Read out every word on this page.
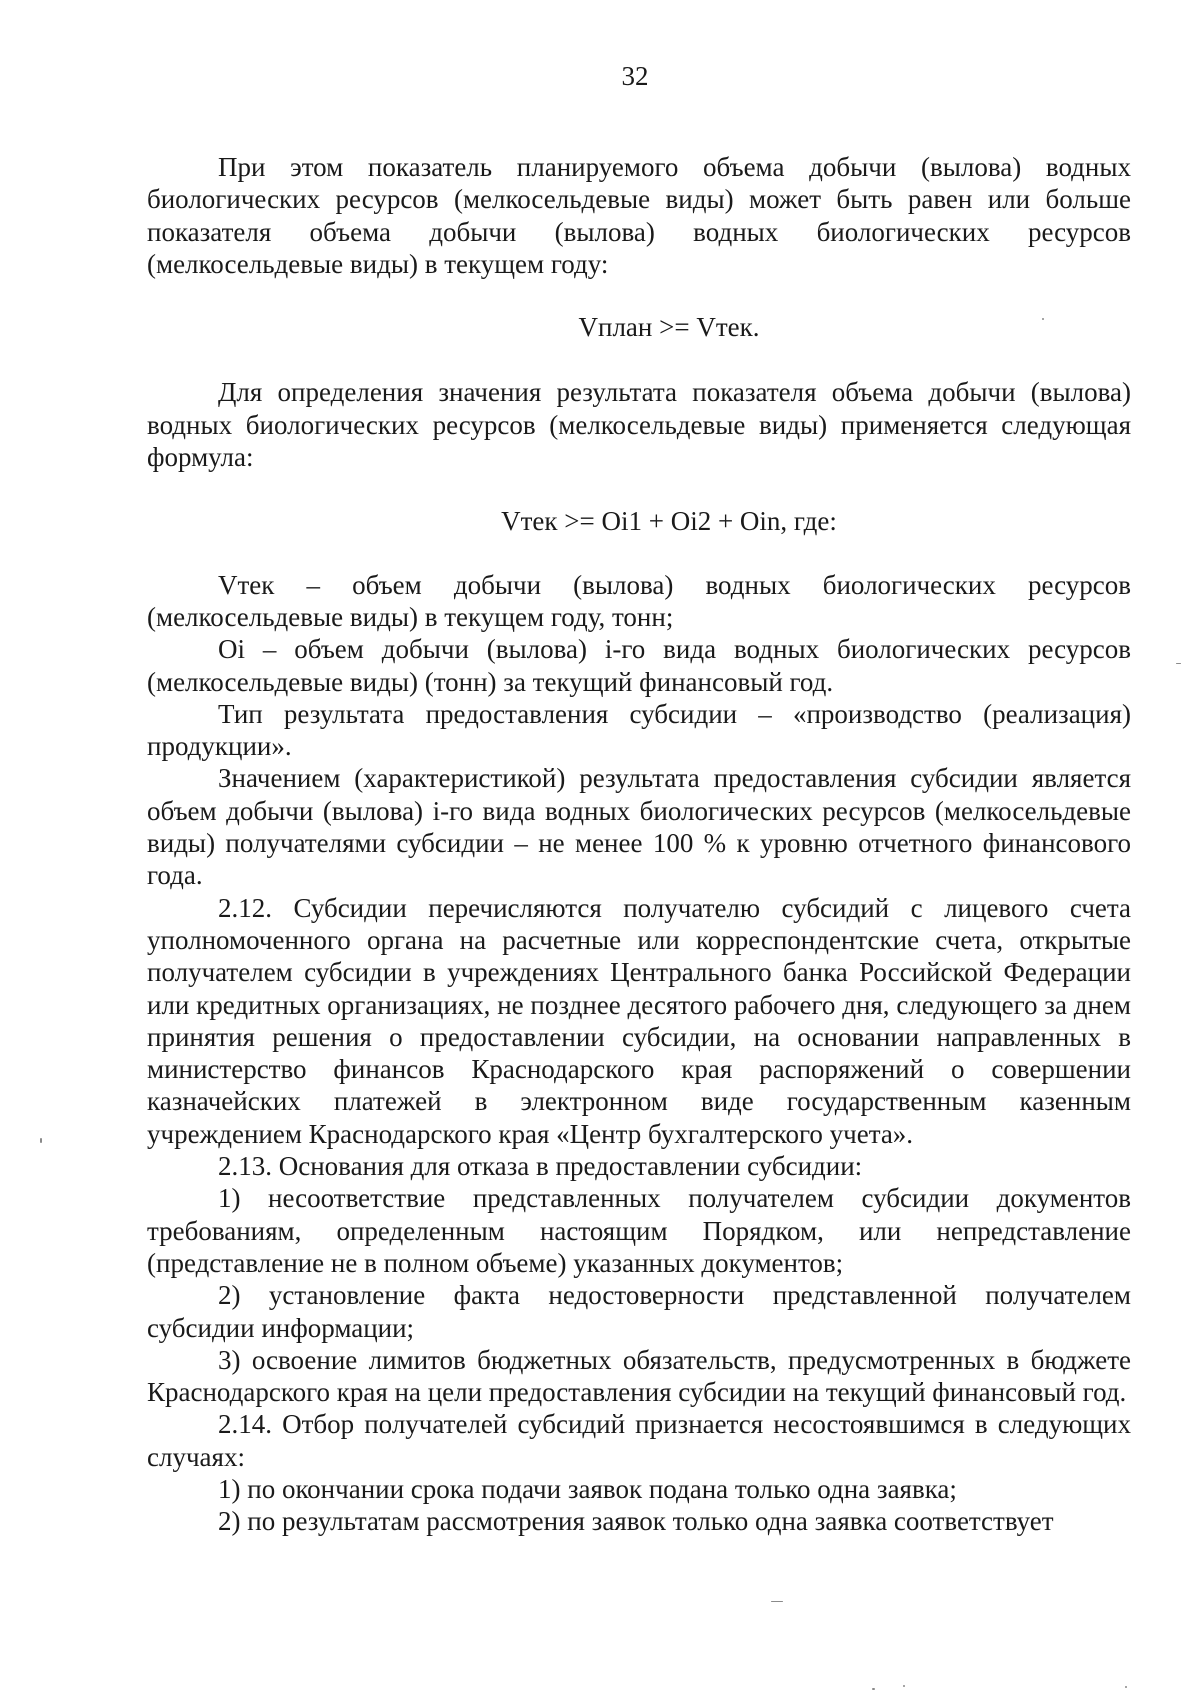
32

При этом показатель планируемого объема добычи (вылова) водных биологических ресурсов (мелкосельдевые виды) может быть равен или больше показателя объема добычи (вылова) водных биологических ресурсов (мелкосельдевые виды) в текущем году:

Vплан >= Vтек.

Для определения значения результата показателя объема добычи (вылова) водных биологических ресурсов (мелкосельдевые виды) применяется следующая формула:

Vтек >= Oi1 + Oi2 + Oin, где:

Vтек – объем добычи (вылова) водных биологических ресурсов (мелкосельдевые виды) в текущем году, тонн;

Oi – объем добычи (вылова) i-го вида водных биологических ресурсов (мелкосельдевые виды) (тонн) за текущий финансовый год.

Тип результата предоставления субсидии – «производство (реализация) продукции».

Значением (характеристикой) результата предоставления субсидии является объем добычи (вылова) i-го вида водных биологических ресурсов (мелкосельдевые виды) получателями субсидии – не менее 100 % к уровню отчетного финансового года.

2.12. Субсидии перечисляются получателю субсидий с лицевого счета уполномоченного органа на расчетные или корреспондентские счета, открытые получателем субсидии в учреждениях Центрального банка Российской Федерации или кредитных организациях, не позднее десятого рабочего дня, следующего за днем принятия решения о предоставлении субсидии, на основании направленных в министерство финансов Краснодарского края распоряжений о совершении казначейских платежей в электронном виде государственным казенным учреждением Краснодарского края «Центр бухгалтерского учета».

2.13. Основания для отказа в предоставлении субсидии:

1) несоответствие представленных получателем субсидии документов требованиям, определенным настоящим Порядком, или непредставление (представление не в полном объеме) указанных документов;

2) установление факта недостоверности представленной получателем субсидии информации;

3) освоение лимитов бюджетных обязательств, предусмотренных в бюджете Краснодарского края на цели предоставления субсидии на текущий финансовый год.

2.14. Отбор получателей субсидий признается несостоявшимся в следующих случаях:

1) по окончании срока подачи заявок подана только одна заявка;

2) по результатам рассмотрения заявок только одна заявка соответствует
